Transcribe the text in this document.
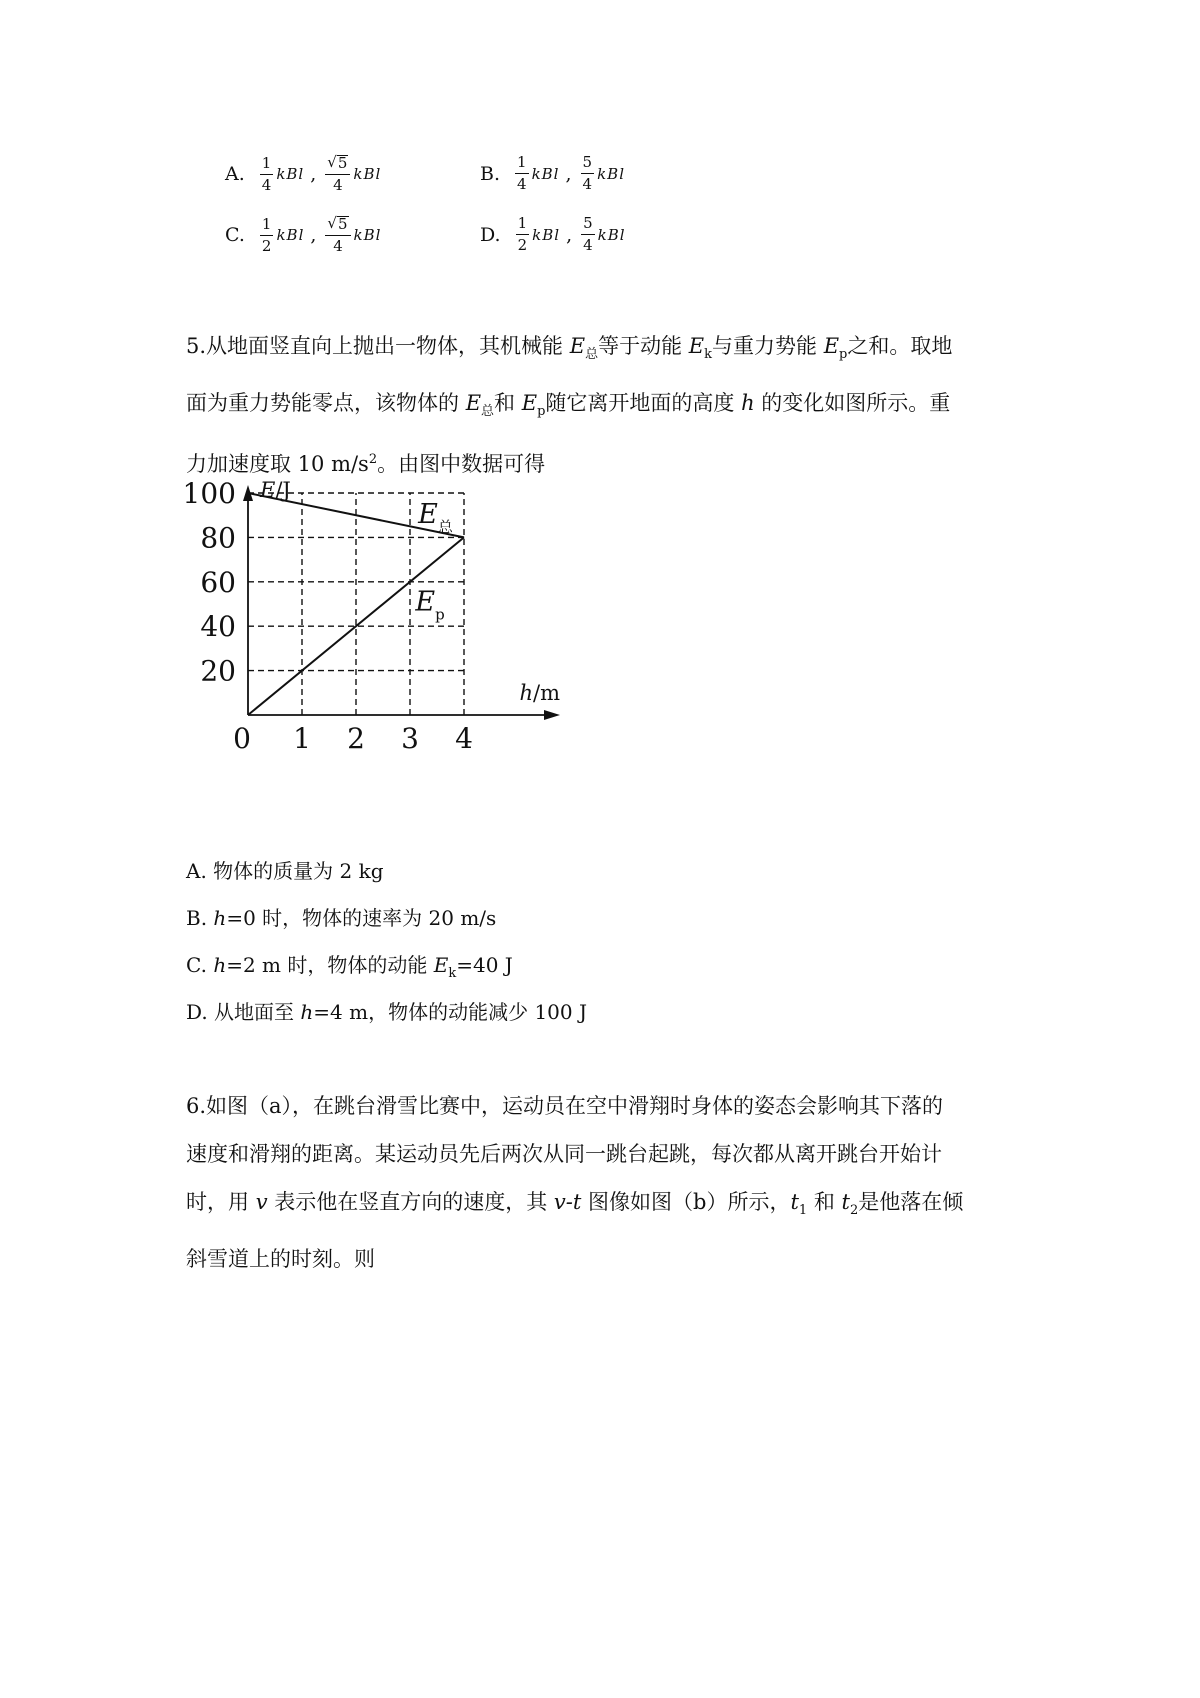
A. $\frac{1}{4}$ kBl , $\frac{√ 5}{4}$ kBl	B. $\frac{1}{4}$ kBl , $\frac{5}{4}$ kBl
C. $\frac{1}{2}$ kBl , $\frac{√ 5}{4}$ kBl	D. $\frac{1}{2}$ kBl , $\frac{5}{4}$ kBl
5.从地面竖直向上抛出一物体，其机械能 $E_总$等于动能 $E_k$与重力势能 $E_p$之和。取地
面为重力势能零点，该物体的 $E_总$和 $E_p$随它离开地面的高度 h 的变化如图所示。重
力加速度取 10 $m/s^2$。由图中数据可得
0 1 2 3 4
20
40
60
80
100 E/J
h/m
$E_总$
$E_p$
A. 物体的质量为 2 kg
B. h=0 时，物体的速率为 20 m/s
C. h=2 m 时，物体的动能 $E_k=40$ J
D. 从地面至 h=4 m，物体的动能减少 100 J
6.如图（a），在跳台滑雪比赛中，运动员在空中滑翔时身体的姿态会影响其下落的
速度和滑翔的距离。某运动员先后两次从同一跳台起跳，每次都从离开跳台开始计
时，用 v 表示他在竖直方向的速度，其 v-t 图像如图（b）所示，$t_1$ 和 $t_2$是他落在倾
斜雪道上的时刻。则
